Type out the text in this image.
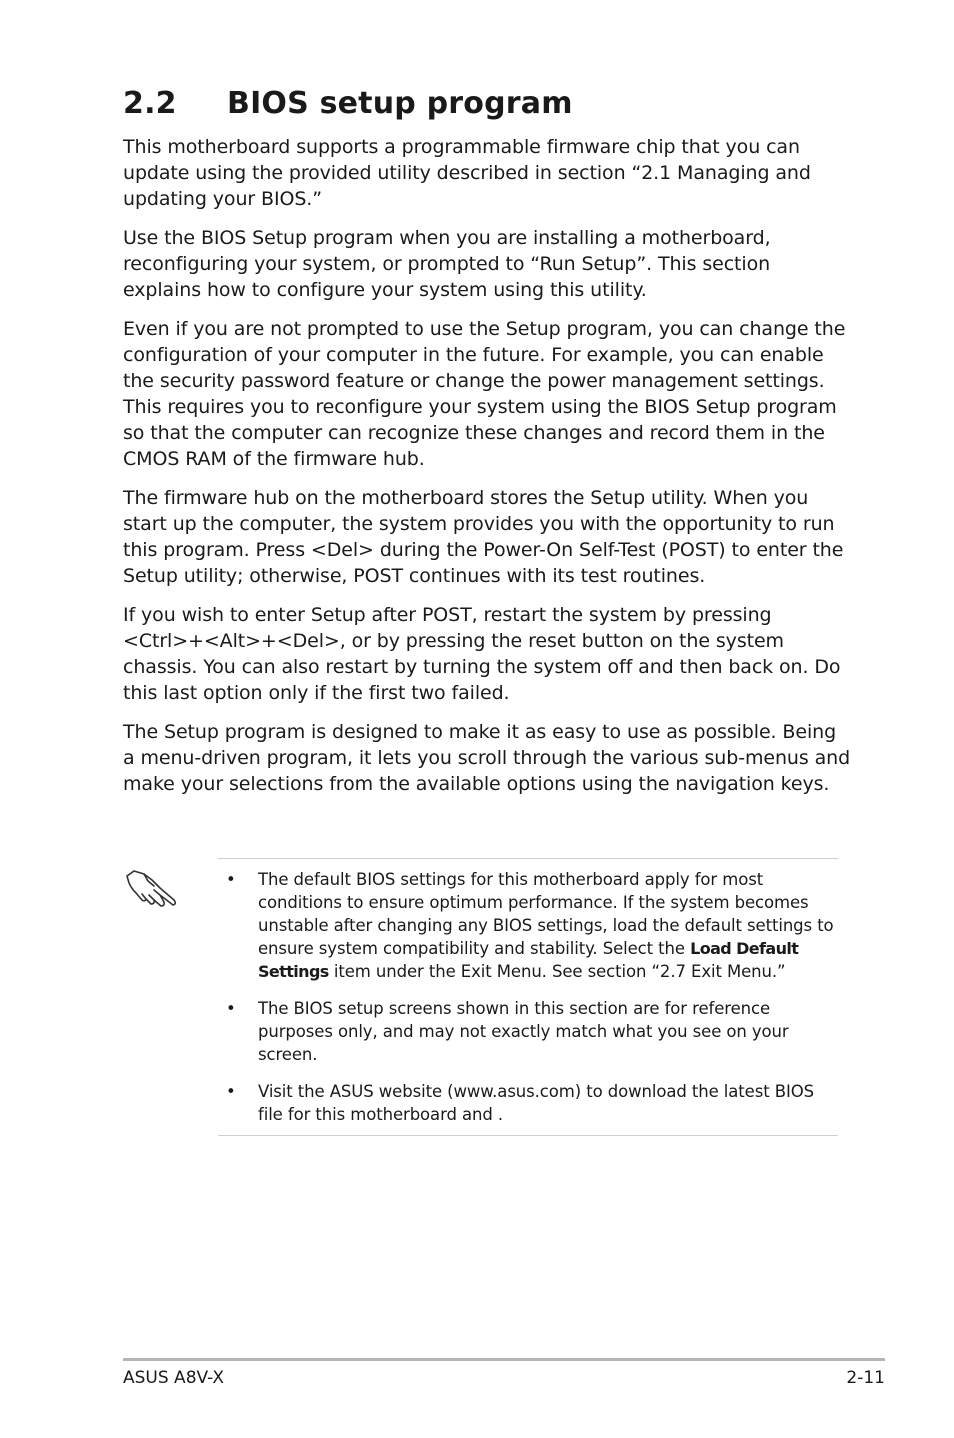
2.2 BIOS setup program

This motherboard supports a programmable firmware chip that you can update using the provided utility described in section “2.1 Managing and updating your BIOS.”

Use the BIOS Setup program when you are installing a motherboard, reconfiguring your system, or prompted to “Run Setup”. This section explains how to configure your system using this utility.

Even if you are not prompted to use the Setup program, you can change the configuration of your computer in the future. For example, you can enable the security password feature or change the power management settings. This requires you to reconfigure your system using the BIOS Setup program so that the computer can recognize these changes and record them in the CMOS RAM of the firmware hub.

The firmware hub on the motherboard stores the Setup utility. When you start up the computer, the system provides you with the opportunity to run this program. Press <Del> during the Power-On Self-Test (POST) to enter the Setup utility; otherwise, POST continues with its test routines.

If you wish to enter Setup after POST, restart the system by pressing <Ctrl>+<Alt>+<Del>, or by pressing the reset button on the system chassis. You can also restart by turning the system off and then back on. Do this last option only if the first two failed.

The Setup program is designed to make it as easy to use as possible. Being a menu-driven program, it lets you scroll through the various sub-menus and make your selections from the available options using the navigation keys.

• The default BIOS settings for this motherboard apply for most conditions to ensure optimum performance. If the system becomes unstable after changing any BIOS settings, load the default settings to ensure system compatibility and stability. Select the Load Default Settings item under the Exit Menu. See section “2.7 Exit Menu.”
• The BIOS setup screens shown in this section are for reference purposes only, and may not exactly match what you see on your screen.
• Visit the ASUS website (www.asus.com) to download the latest BIOS file for this motherboard and .
ASUS A8V-X	2-11
